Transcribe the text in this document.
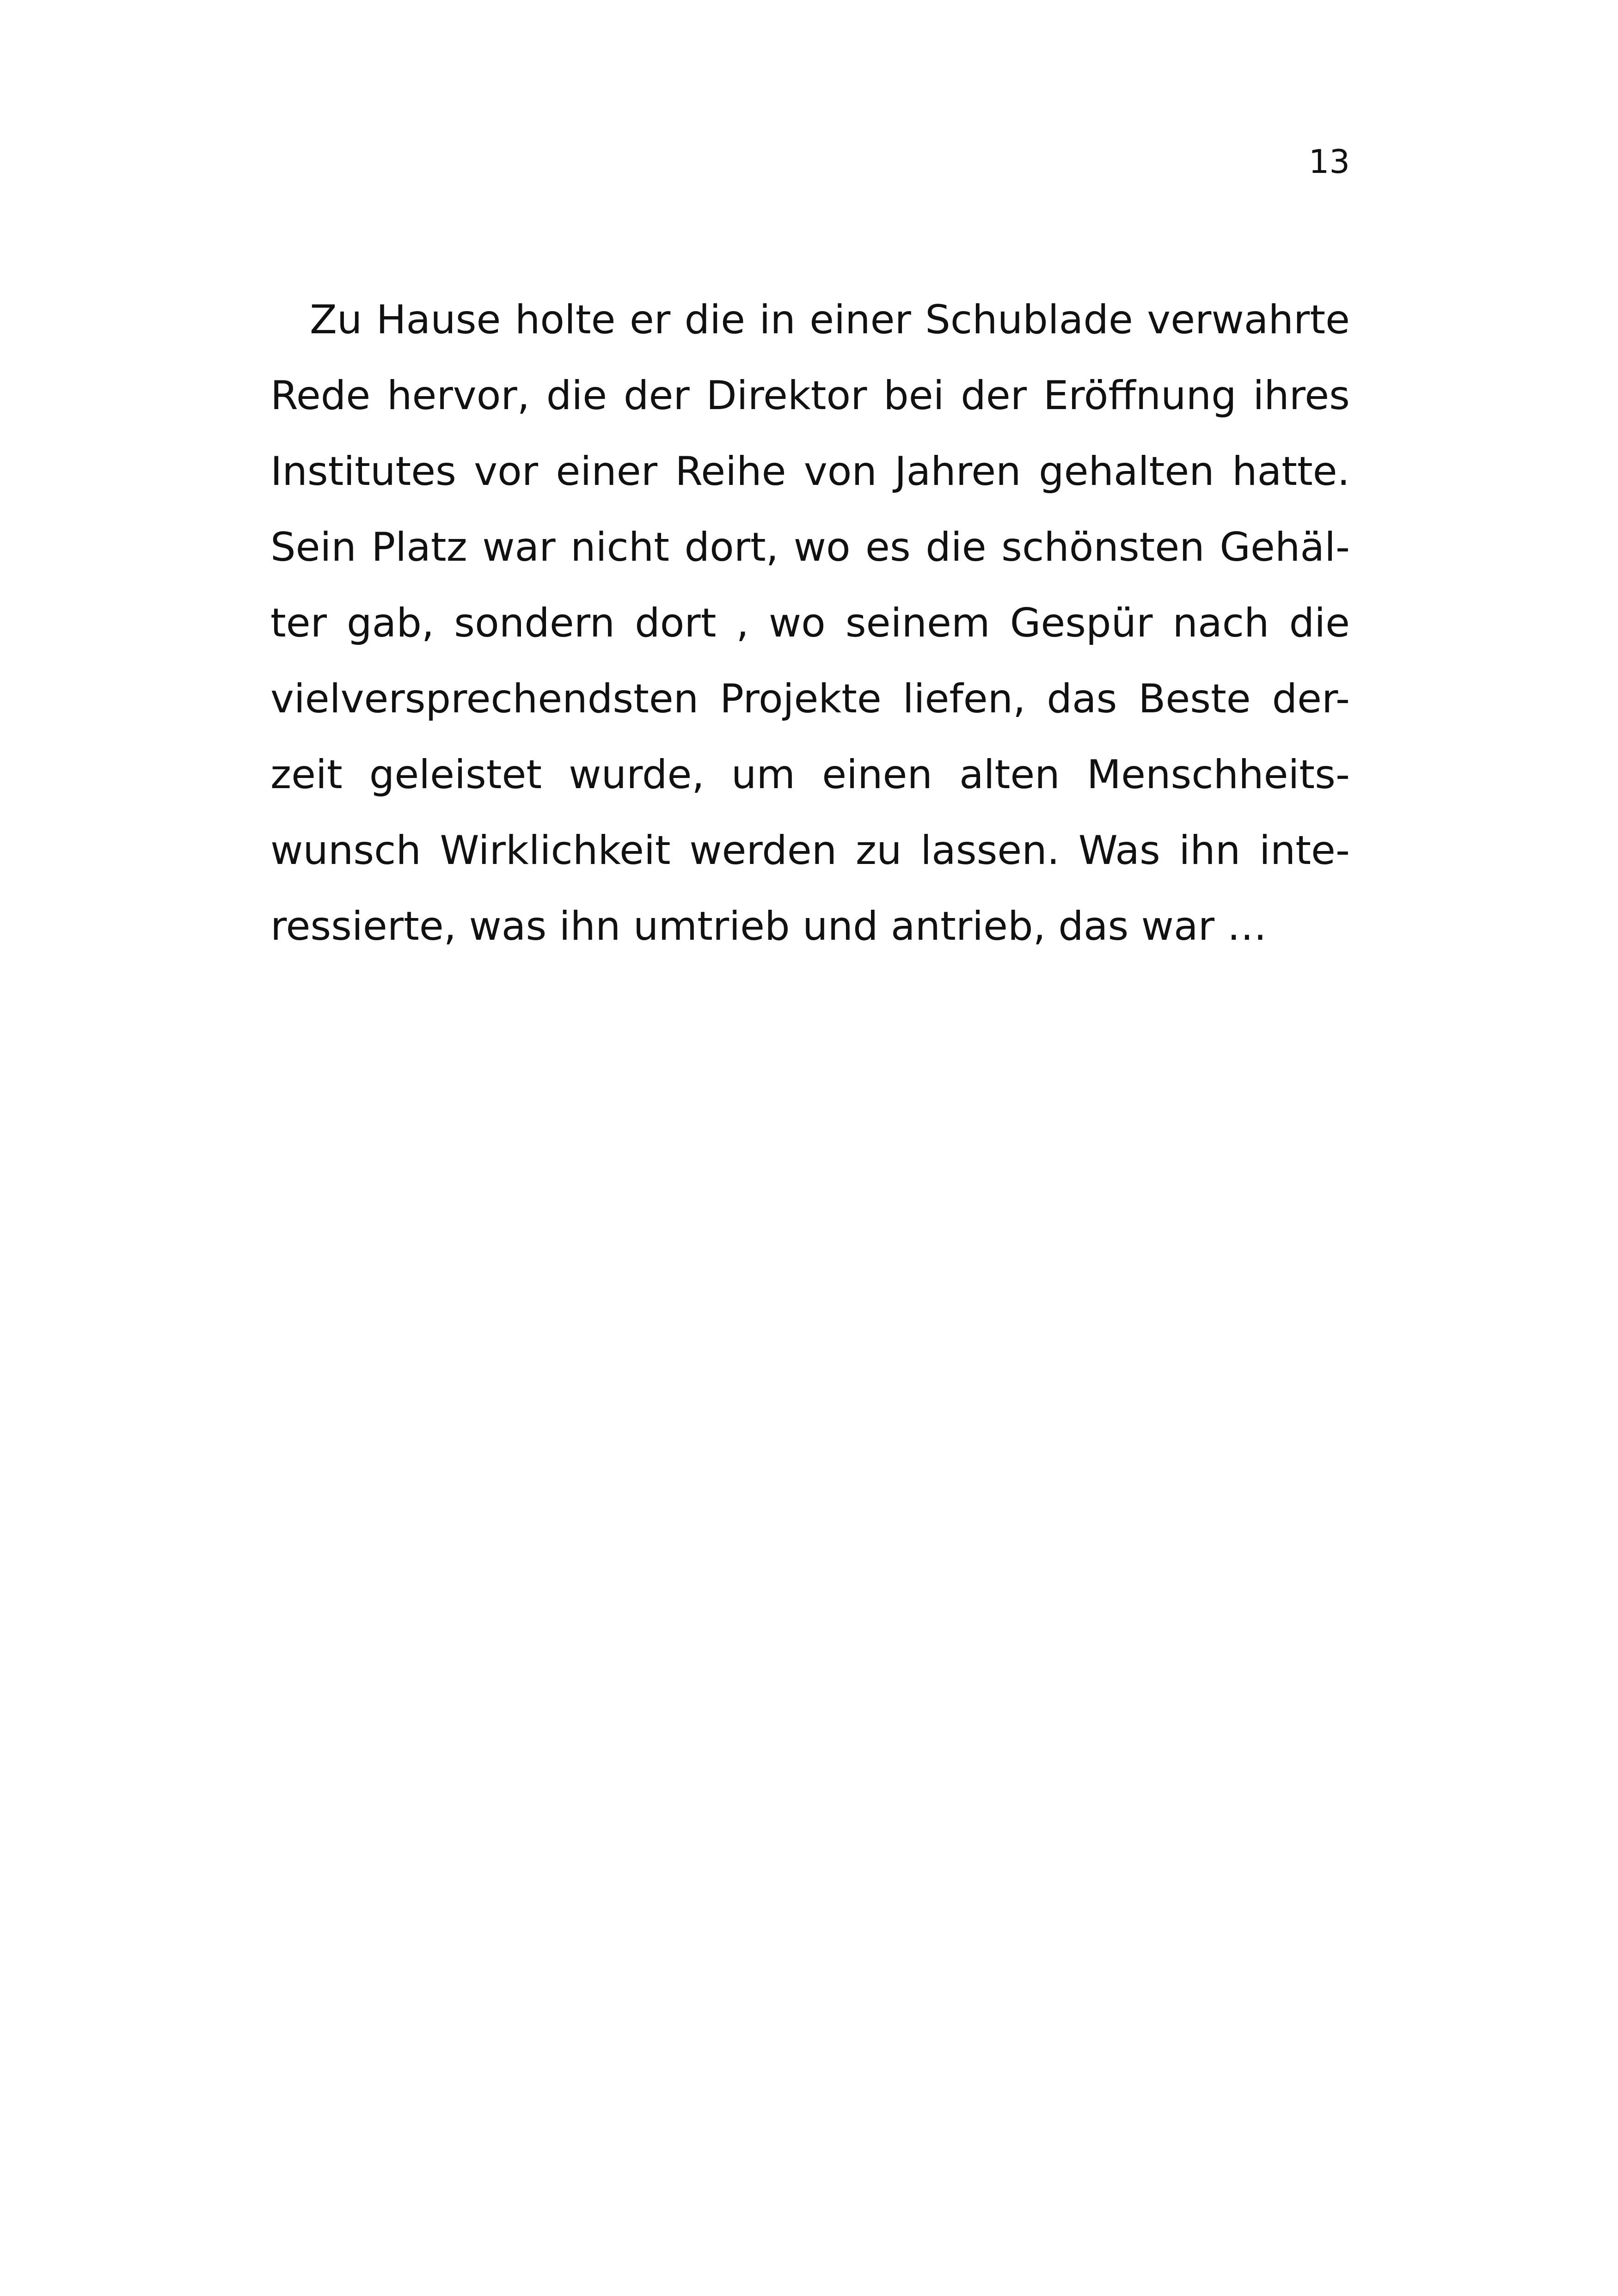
13
Zu Hause holte er die in einer Schublade verwahrte
Rede hervor, die der Direktor bei der Eröffnung ihres
Institutes vor einer Reihe von Jahren gehalten hatte.
Sein Platz war nicht dort, wo es die schönsten Gehäl-
ter gab, sondern dort , wo seinem Gespür nach die
vielversprechendsten Projekte liefen, das Beste der-
zeit geleistet wurde, um einen alten Menschheits-
wunsch Wirklichkeit werden zu lassen. Was ihn inte-
ressierte, was ihn umtrieb und antrieb, das war …
